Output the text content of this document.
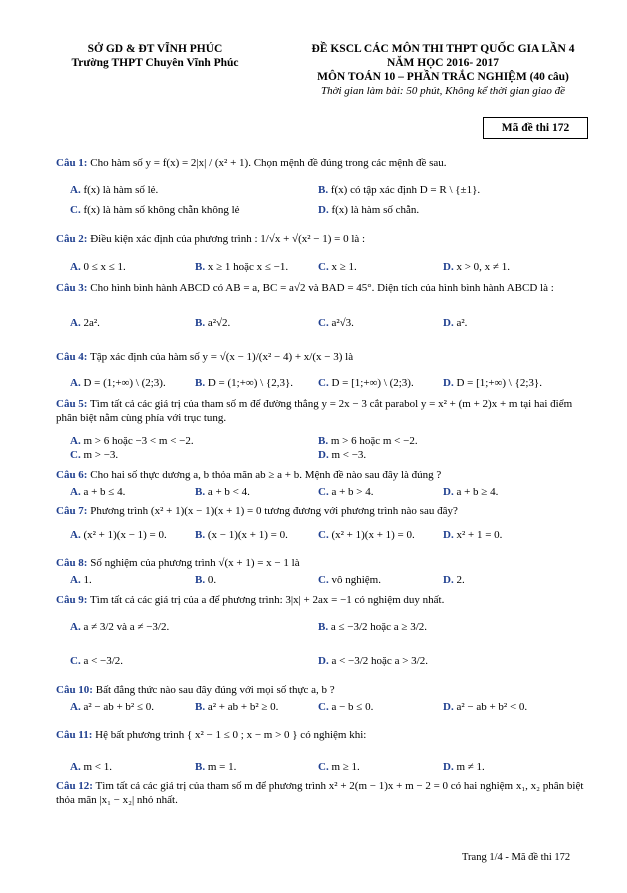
SỞ GD & ĐT VĨNH PHÚC
Trường THPT Chuyên Vĩnh Phúc
ĐỀ KSCL CÁC MÔN THI THPT QUỐC GIA LẦN 4
NĂM HỌC 2016- 2017
MÔN TOÁN 10 – PHẦN TRẮC NGHIỆM (40 câu)
Thời gian làm bài: 50 phút, Không kể thời gian giao đề
Mã đề thi 172
Câu 1: Cho hàm số y = f(x) = 2|x| / (x² + 1). Chọn mệnh đề đúng trong các mệnh đề sau.
A. f(x) là hàm số lẻ.	B. f(x) có tập xác định D = R \ {±1}.
C. f(x) là hàm số không chẵn không lẻ	D. f(x) là hàm số chẵn.
Câu 2: Điều kiện xác định của phương trình : 1/√x + √(x² − 1) = 0 là :
A. 0 ≤ x ≤ 1.	B. x ≥ 1 hoặc x ≤ −1.	C. x ≥ 1.	D. x > 0, x ≠ 1.
Câu 3: Cho hình bình hành ABCD có AB = a, BC = a√2 và BAD = 45°. Diện tích của hình bình hành ABCD là :
A. 2a².	B. a²√2.	C. a²√3.	D. a².
Câu 4: Tập xác định của hàm số y = √(x − 1)/(x² − 4) + x/(x − 3) là
A. D = (1;+∞) \ (2;3).	B. D = (1;+∞) \ {2,3}. C. D = [1;+∞) \ (2;3).	D. D = [1;+∞) \ {2;3}.
Câu 5: Tìm tất cả các giá trị của tham số m để đường thẳng y = 2x − 3 cắt parabol y = x² + (m + 2)x + m tại hai điểm phân biệt nằm cùng phía với trục tung.
A. m > 6 hoặc −3 < m < −2.	B. m > 6 hoặc m < −2.
C. m > −3.	D. m < −3.
Câu 6: Cho hai số thực dương a, b thỏa mãn ab ≥ a + b. Mệnh đề nào sau đây là đúng ?
A. a + b ≤ 4.	B. a + b < 4.	C. a + b > 4.	D. a + b ≥ 4.
Câu 7: Phương trình (x² + 1)(x − 1)(x + 1) = 0 tương đương với phương trình nào sau đây?
A. (x² + 1)(x − 1) = 0.	B. (x − 1)(x + 1) = 0.	C. (x² + 1)(x + 1) = 0.	D. x² + 1 = 0.
Câu 8: Số nghiệm của phương trình √(x + 1) = x − 1 là
A. 1.	B. 0.	C. vô nghiệm.	D. 2.
Câu 9: Tìm tất cả các giá trị của a để phương trình: 3|x| + 2ax = −1 có nghiệm duy nhất.
A. a ≠ 3/2 và a ≠ −3/2.	B. a ≤ −3/2 hoặc a ≥ 3/2.
C. a < −3/2.	D. a < −3/2 hoặc a > 3/2.
Câu 10: Bất đẳng thức nào sau đây đúng với mọi số thực a, b ?
A. a² − ab + b² ≤ 0.	B. a² + ab + b² ≥ 0.	C. a − b ≤ 0.	D. a² − ab + b² < 0.
Câu 11: Hệ bất phương trình { x² − 1 ≤ 0 ; x − m > 0 } có nghiệm khi:
A. m < 1.	B. m = 1.	C. m ≥ 1.	D. m ≠ 1.
Câu 12: Tìm tất cả các giá trị của tham số m để phương trình x² + 2(m − 1)x + m − 2 = 0 có hai nghiệm x₁, x₂ phân biệt thỏa mãn |x₁ − x₂| nhỏ nhất.
Trang 1/4 - Mã đề thi 172
